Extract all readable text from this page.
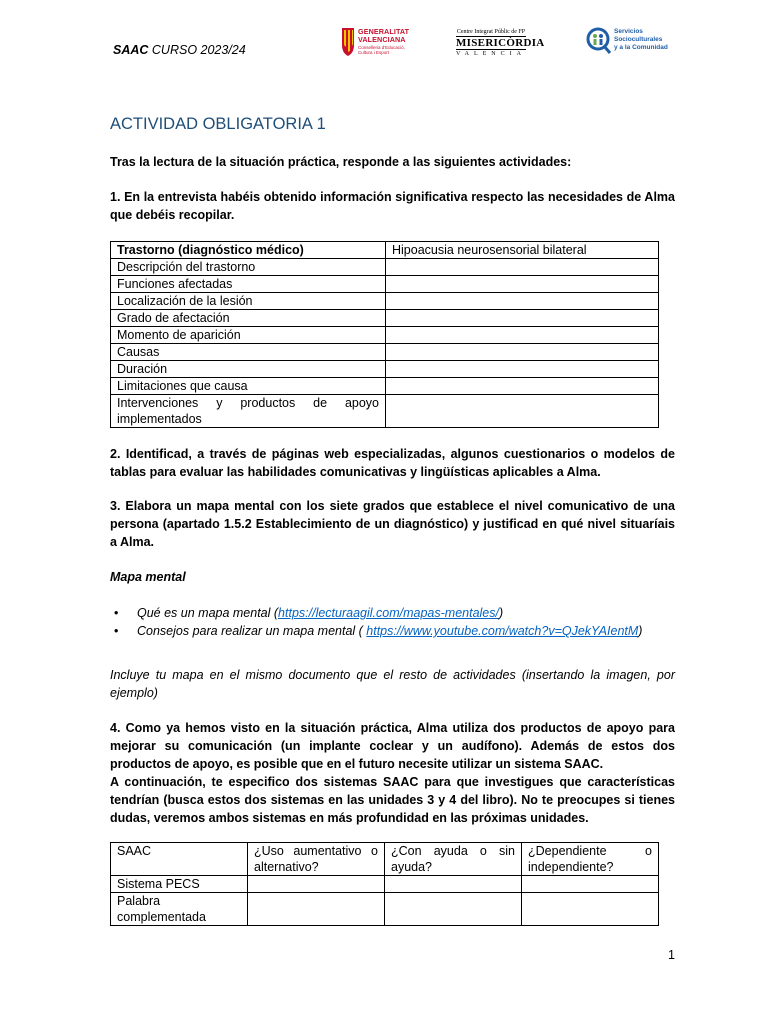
SAAC CURSO 2023/24
GENERALITAT
VALENCIANA
Conselleria d'Educació,
Cultura i Esport
Centre Integrat Públic de FP
MISERICÒRDIA
VALENCIA
Servicios
Socioculturales
y a la Comunidad
ACTIVIDAD OBLIGATORIA 1
Tras la lectura de la situación práctica, responde a las siguientes actividades:
1. En la entrevista habéis obtenido información significativa respecto las necesidades de Alma que debéis recopilar.
Trastorno (diagnóstico médico)	Hipoacusia neurosensorial bilateral
Descripción del trastorno	
Funciones afectadas	
Localización de la lesión	
Grado de afectación	
Momento de aparición	
Causas	
Duración	
Limitaciones que causa	

Intervenciones y productos de apoyo
implementados	

2. Identificad, a través de páginas web especializadas, algunos cuestionarios o modelos de tablas para evaluar las habilidades comunicativas y lingüísticas aplicables a Alma.
3. Elabora un mapa mental con los siete grados que establece el nivel comunicativo de una persona (apartado 1.5.2 Establecimiento de un diagnóstico) y justificad en qué nivel situaríais a Alma.
Mapa mental
• Qué es un mapa mental (https://lecturaagil.com/mapas-mentales/)
• Consejos para realizar un mapa mental ( https://www.youtube.com/watch?v=QJekYAIentM)
Incluye tu mapa en el mismo documento que el resto de actividades (insertando la imagen, por ejemplo)
4. Como ya hemos visto en la situación práctica, Alma utiliza dos productos de apoyo para mejorar su comunicación (un implante coclear y un audífono). Además de estos dos productos de apoyo, es posible que en el futuro necesite utilizar un sistema SAAC.
A continuación, te especifico dos sistemas SAAC para que investigues que características tendrían (busca estos dos sistemas en las unidades 3 y 4 del libro). No te preocupes si tienes dudas, veremos ambos sistemas en más profundidad en las próximas unidades.
SAAC	¿Uso aumentativo o alternativo?	¿Con ayuda o sin ayuda?	¿Dependiente o independiente?
Sistema PECS			
Palabra complementada			
1
